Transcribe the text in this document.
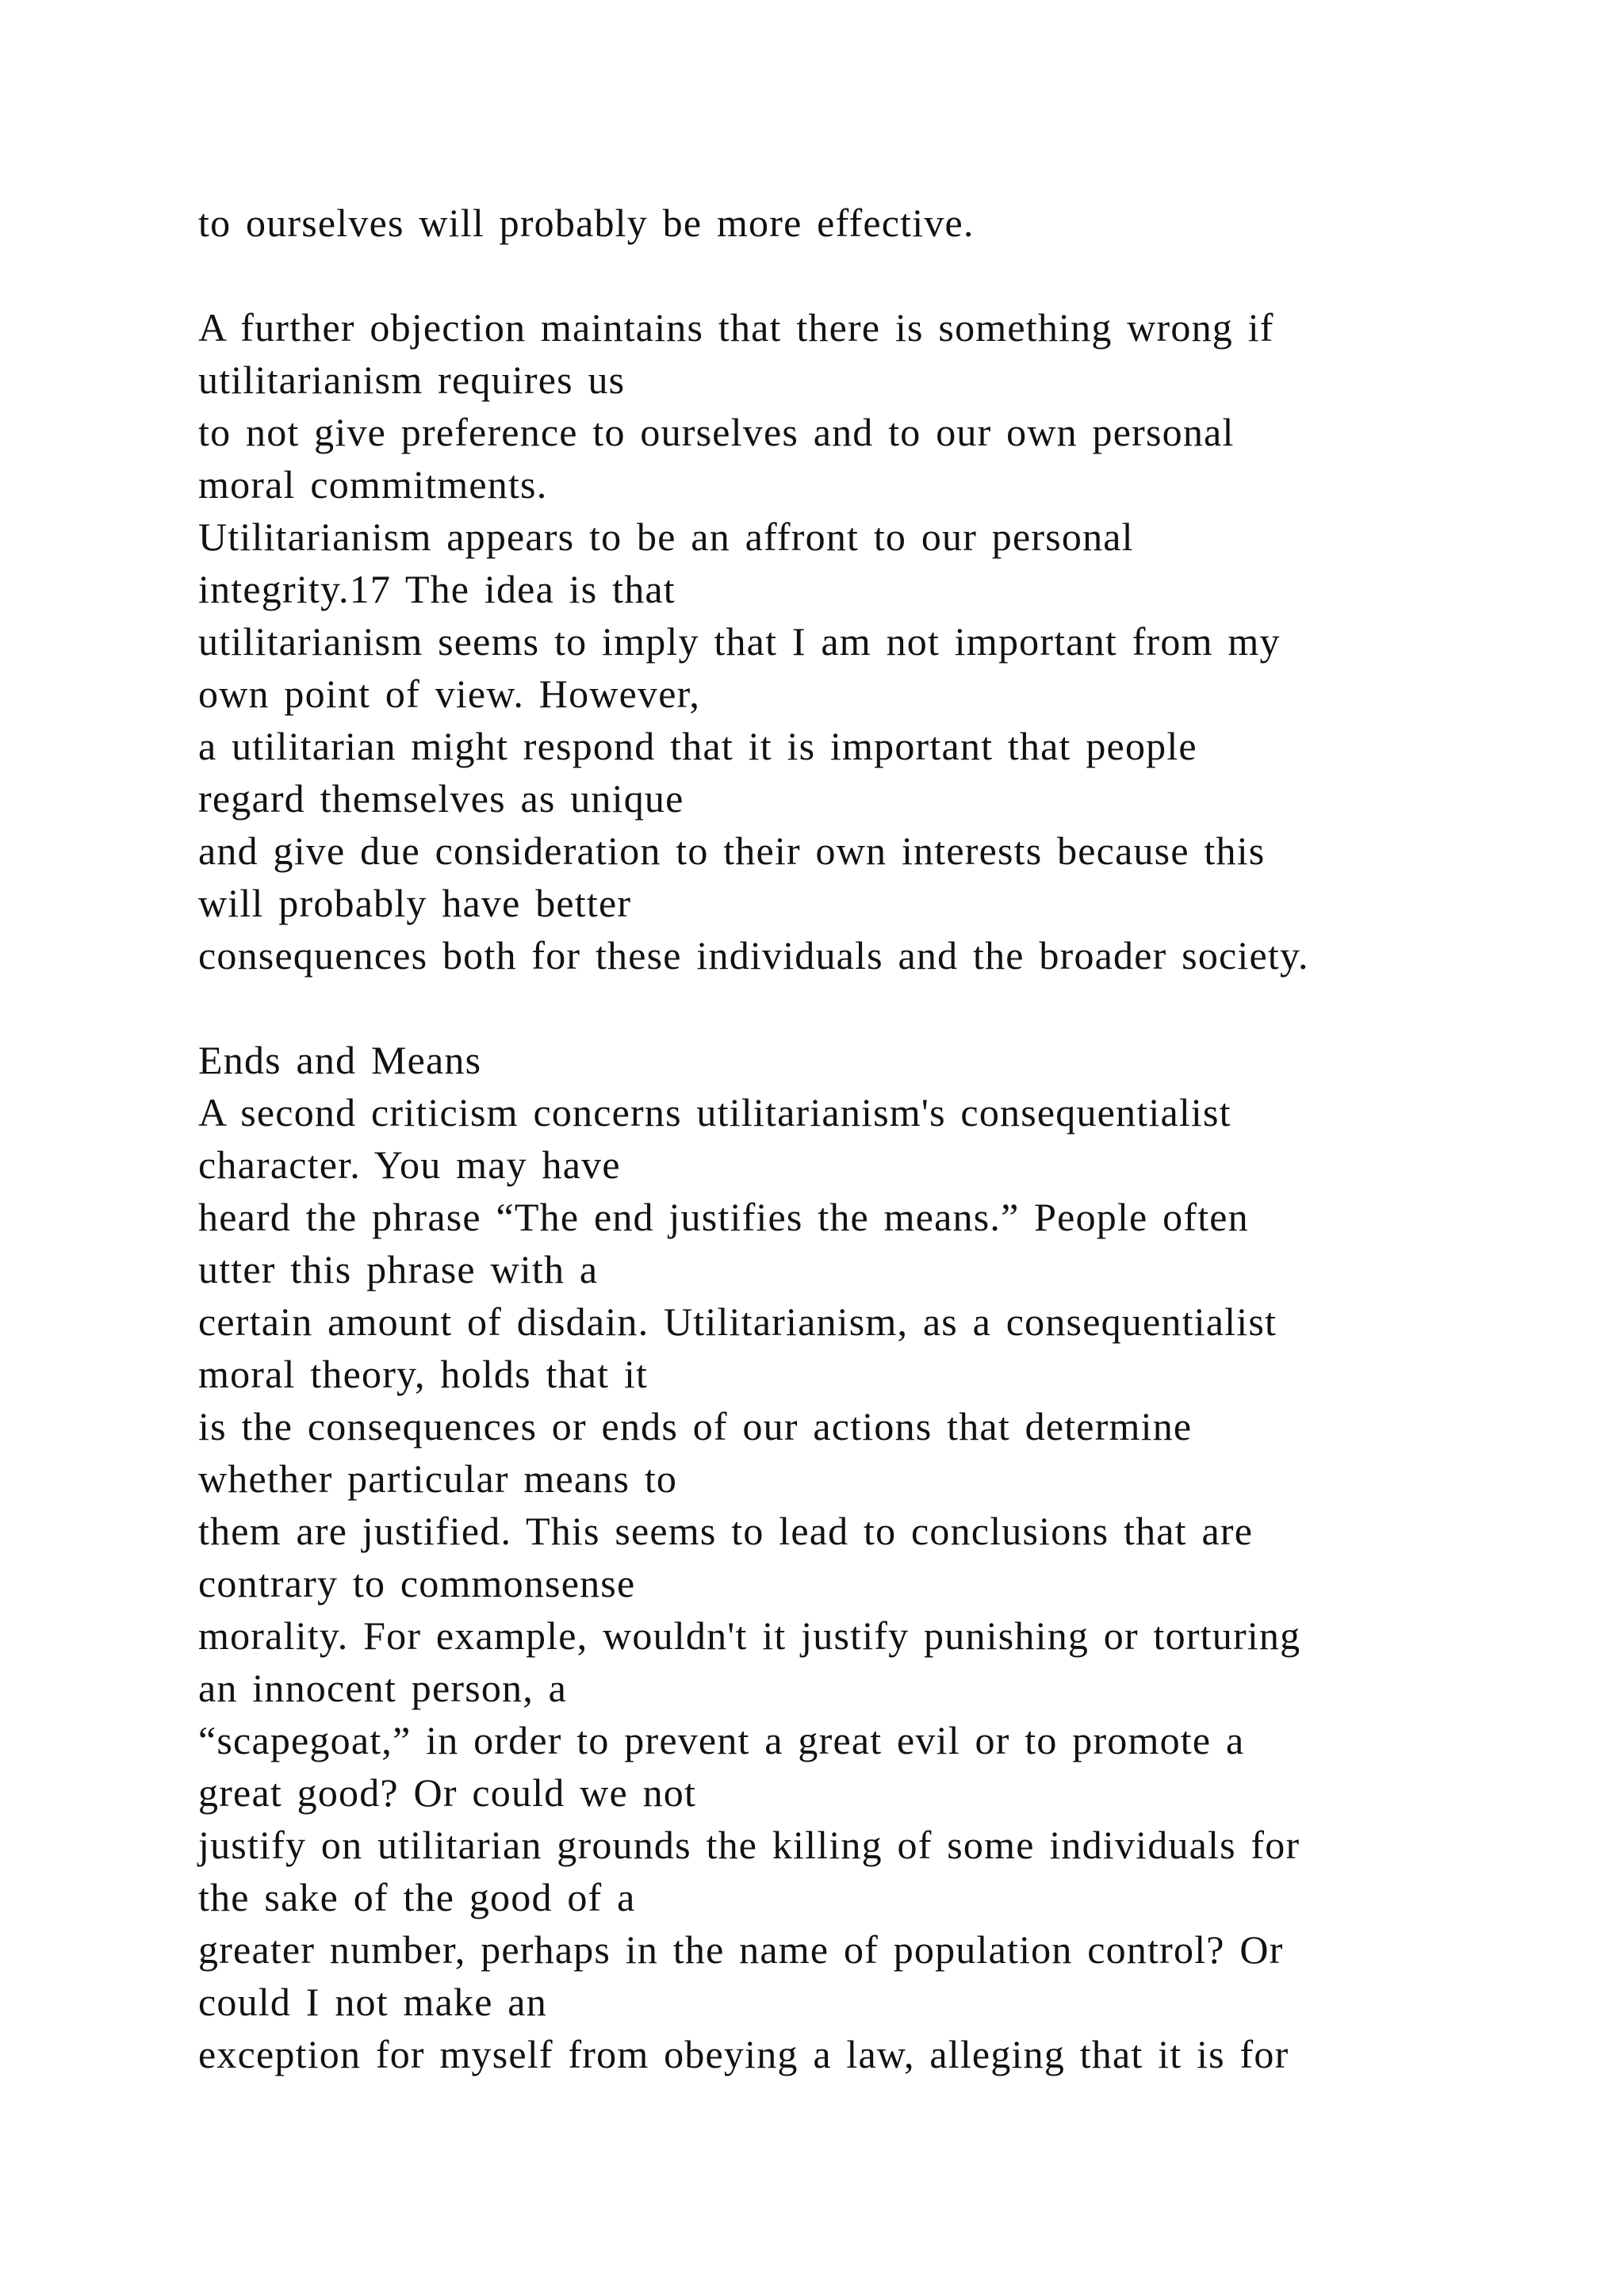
to ourselves will probably be more effective.
A further objection maintains that there is something wrong if
utilitarianism requires us
to not give preference to ourselves and to our own personal
moral commitments.
Utilitarianism appears to be an affront to our personal
integrity.17 The idea is that
utilitarianism seems to imply that I am not important from my
own point of view. However,
a utilitarian might respond that it is important that people
regard themselves as unique
and give due consideration to their own interests because this
will probably have better
consequences both for these individuals and the broader society.
Ends and Means
A second criticism concerns utilitarianism's consequentialist
character. You may have
heard the phrase “The end justifies the means.” People often
utter this phrase with a
certain amount of disdain. Utilitarianism, as a consequentialist
moral theory, holds that it
is the consequences or ends of our actions that determine
whether particular means to
them are justified. This seems to lead to conclusions that are
contrary to commonsense
morality. For example, wouldn't it justify punishing or torturing
an innocent person, a
“scapegoat,” in order to prevent a great evil or to promote a
great good? Or could we not
justify on utilitarian grounds the killing of some individuals for
the sake of the good of a
greater number, perhaps in the name of population control? Or
could I not make an
exception for myself from obeying a law, alleging that it is for
